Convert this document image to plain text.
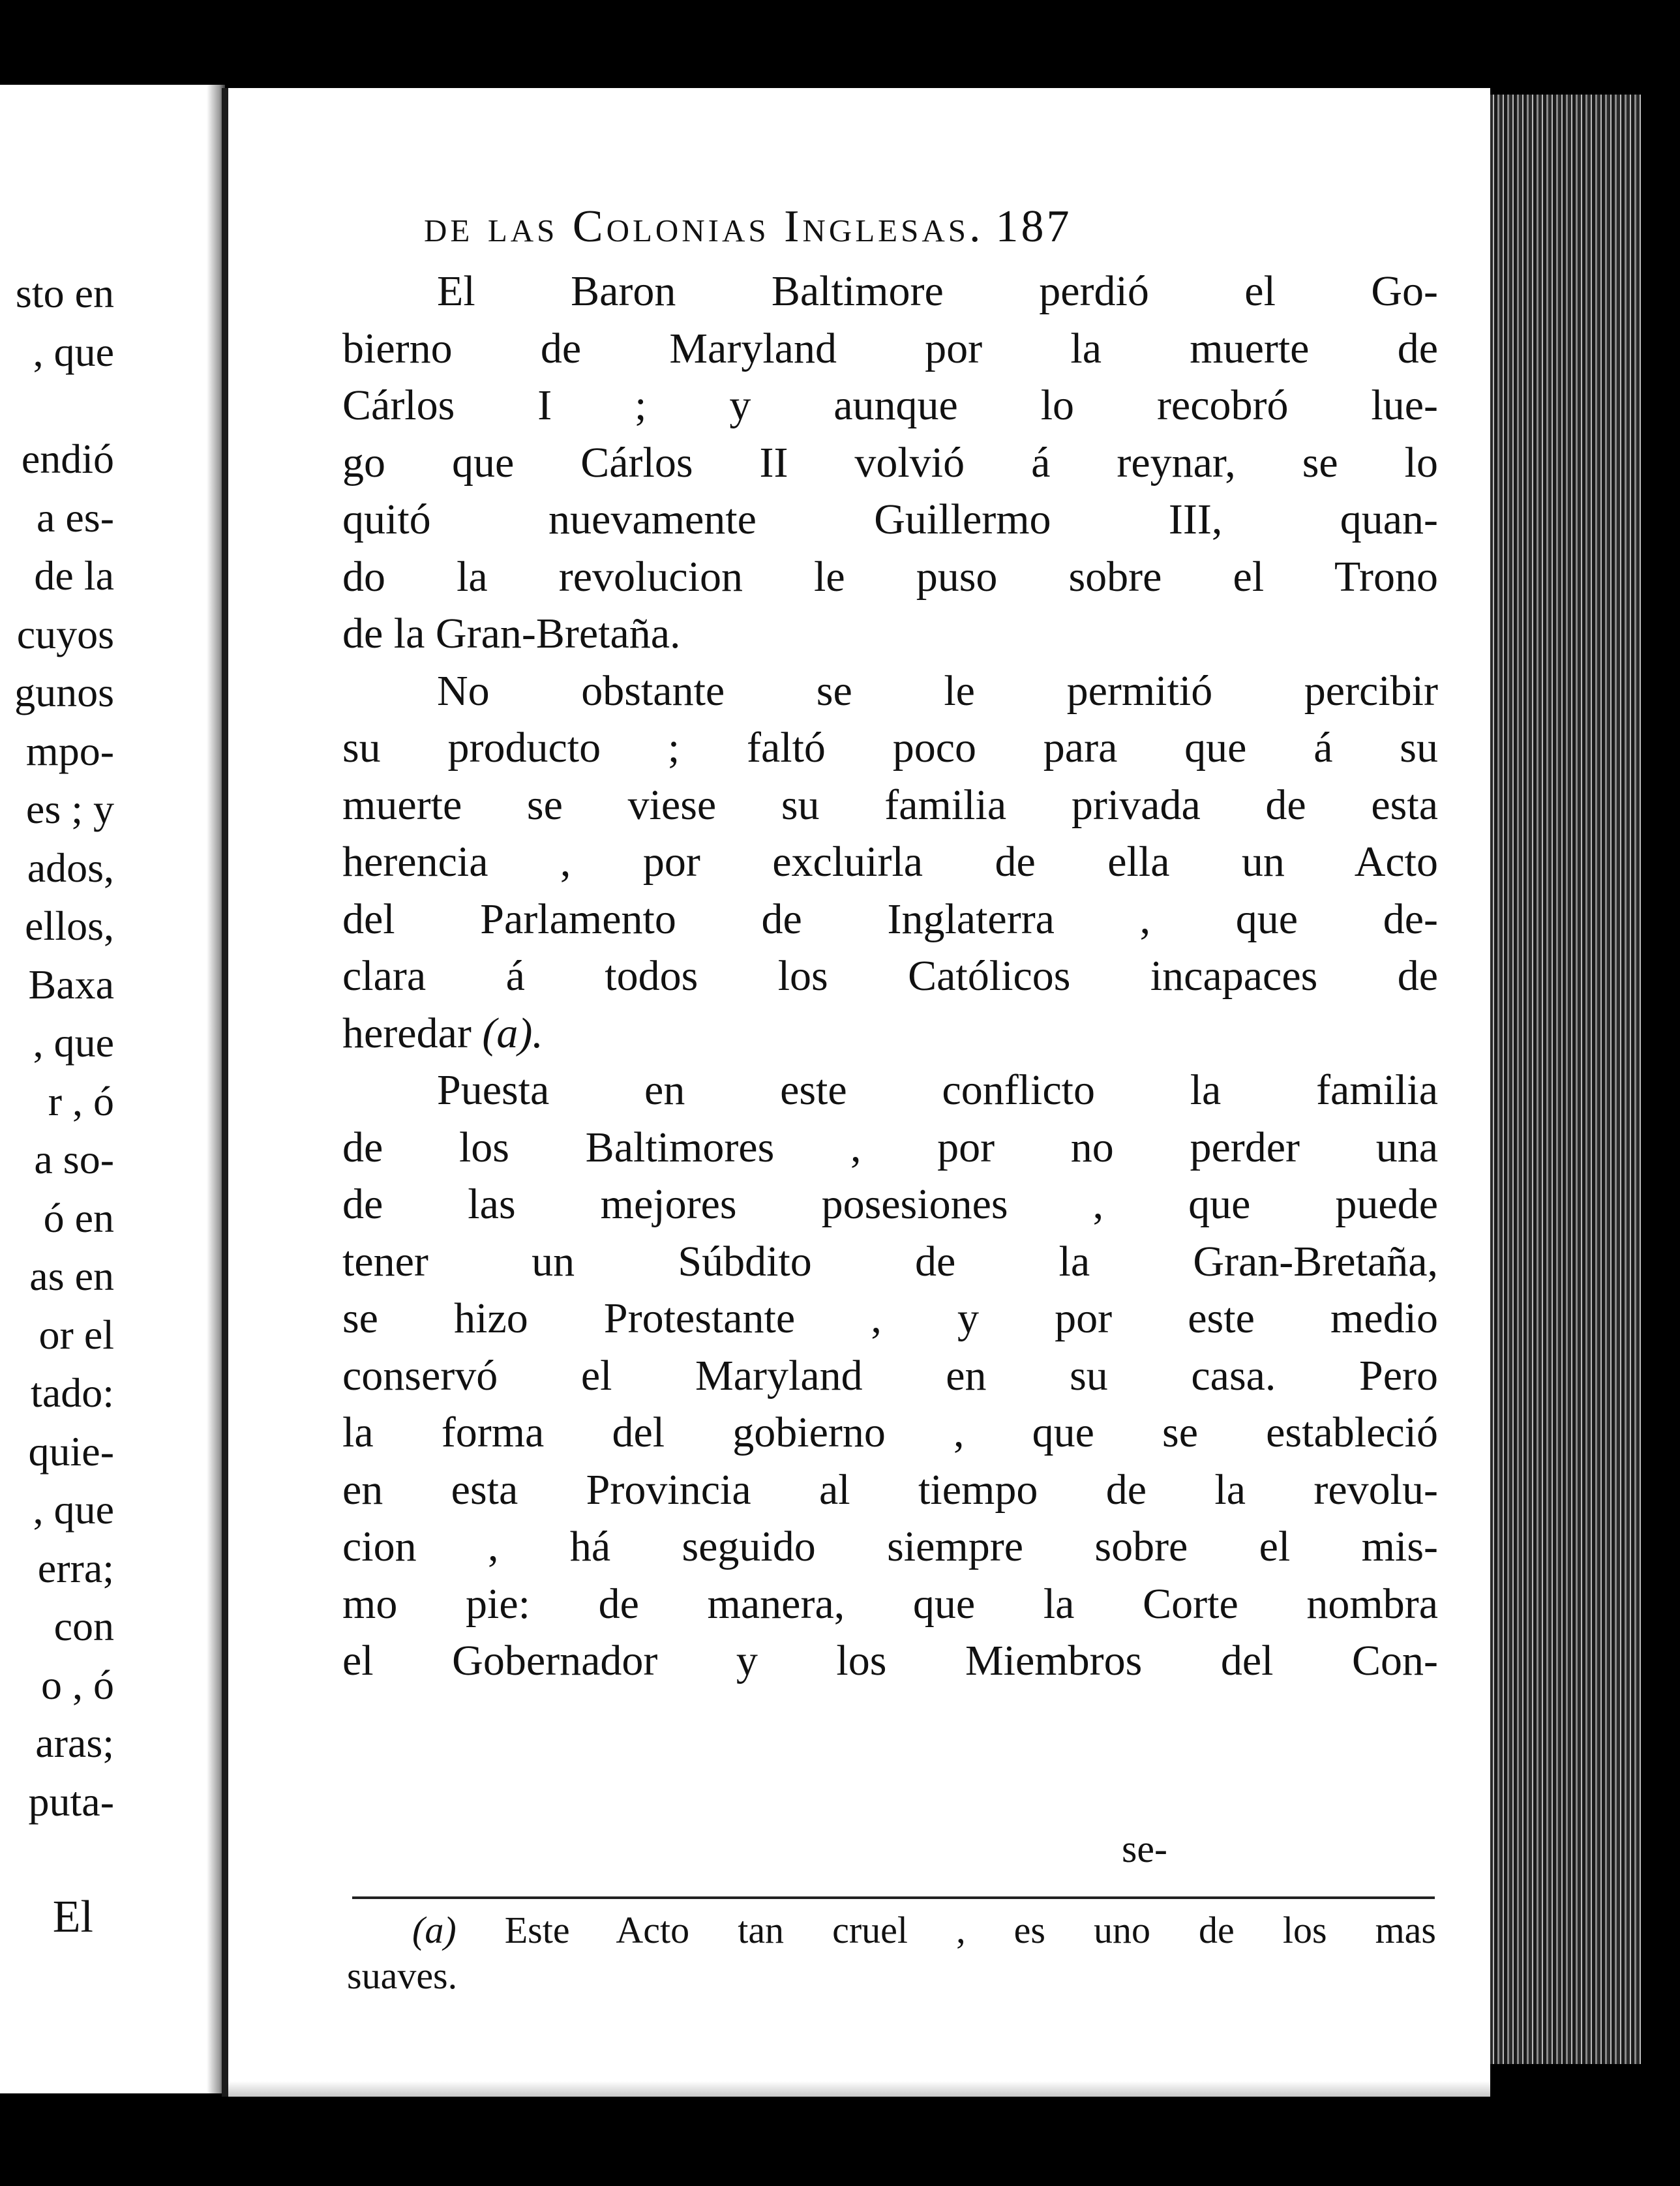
sto en
, que
endió
a es-
de la
cuyos
gunos
mpo-
es ; y
ados,
ellos,
Baxa
, que
r , ó
a so-
ó en
as en
or el
tado:
quie-
, que
erra;
con
o , ó
aras;
puta-
El
de las Colonias Inglesas. 187
El Baron Baltimore perdió el Go-
bierno de Maryland por la muerte de
Cárlos I ; y aunque lo recobró lue-
go que Cárlos II volvió á reynar, se lo
quitó nuevamente Guillermo III, quan-
do la revolucion le puso sobre el Trono
de la Gran-Bretaña.
No obstante se le permitió percibir
su producto ; faltó poco para que á su
muerte se viese su familia privada de esta
herencia , por excluirla de ella un Acto
del Parlamento de Inglaterra , que de-
clara á todos los Católicos incapaces de
heredar (a).
Puesta en este conflicto la familia
de los Baltimores , por no perder una
de las mejores posesiones , que puede
tener un Súbdito de la Gran-Bretaña,
se hizo Protestante , y por este medio
conservó el Maryland en su casa. Pero
la forma del gobierno , que se estableció
en esta Provincia al tiempo de la revolu-
cion , há seguido siempre sobre el mis-
mo pie: de manera, que la Corte nombra
el Gobernador y los Miembros del Con-
se-
(a) Este Acto tan cruel , es uno de los mas
suaves.
